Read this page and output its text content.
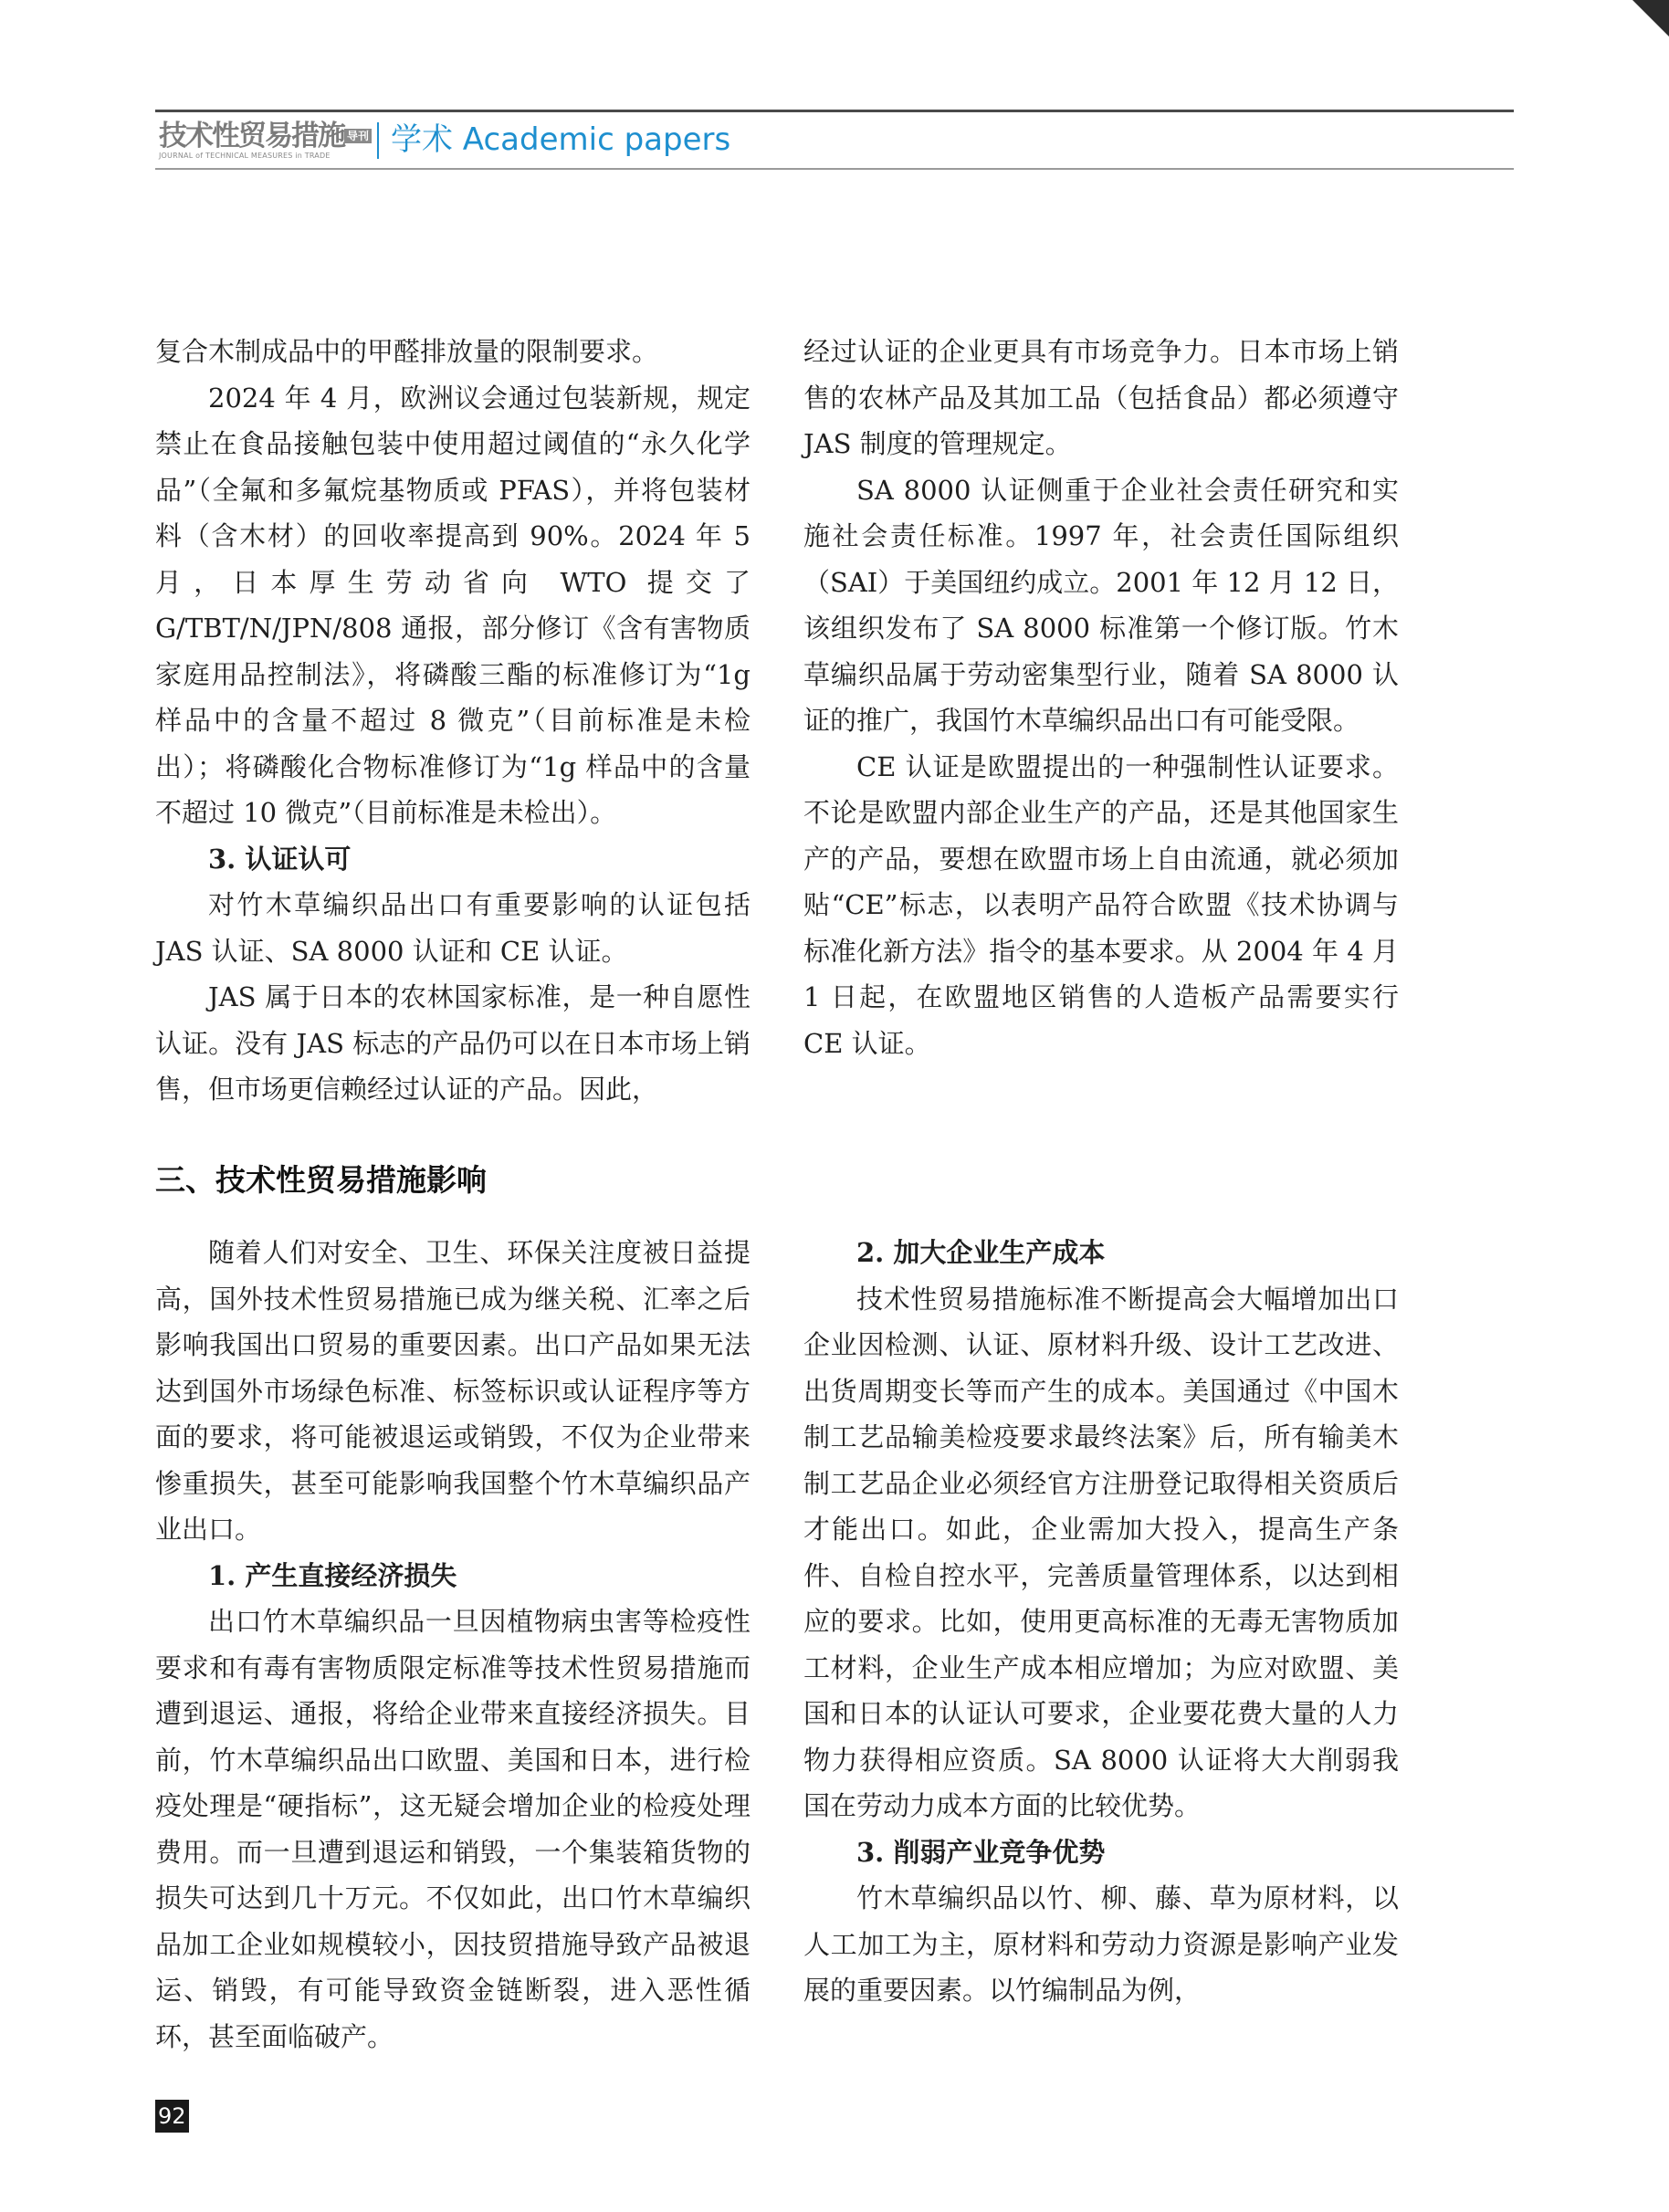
技术性贸易措施 导刊
JOURNAL of TECHNICAL MEASURES in TRADE	学术 Academic papers

复合木制成品中的甲醛排放量的限制要求。

2024 年 4 月，欧洲议会通过包装新规，规定禁止在食品接触包装中使用超过阈值的“永久化学品”（全氟和多氟烷基物质或 PFAS），并将包装材料（含木材）的回收率提高到 90%。2024 年 5 月，日本厚生劳动省向 WTO 提交了 G/TBT/N/JPN/808 通报，部分修订《含有害物质家庭用品控制法》，将磷酸三酯的标准修订为“1g 样品中的含量不超过 8 微克”（目前标准是未检出）；将磷酸化合物标准修订为“1g 样品中的含量不超过 10 微克”（目前标准是未检出）。

3. 认证认可

对竹木草编织品出口有重要影响的认证包括 JAS 认证、SA 8000 认证和 CE 认证。

JAS 属于日本的农林国家标准，是一种自愿性认证。没有 JAS 标志的产品仍可以在日本市场上销售，但市场更信赖经过认证的产品。因此，

经过认证的企业更具有市场竞争力。日本市场上销售的农林产品及其加工品（包括食品）都必须遵守 JAS 制度的管理规定。

SA 8000 认证侧重于企业社会责任研究和实施社会责任标准。1997 年，社会责任国际组织（SAI）于美国纽约成立。2001 年 12 月 12 日，该组织发布了 SA 8000 标准第一个修订版。竹木草编织品属于劳动密集型行业，随着 SA 8000 认证的推广，我国竹木草编织品出口有可能受限。

CE 认证是欧盟提出的一种强制性认证要求。不论是欧盟内部企业生产的产品，还是其他国家生产的产品，要想在欧盟市场上自由流通，就必须加贴“CE”标志，以表明产品符合欧盟《技术协调与标准化新方法》指令的基本要求。从 2004 年 4 月 1 日起，在欧盟地区销售的人造板产品需要实行 CE 认证。

三、技术性贸易措施影响

随着人们对安全、卫生、环保关注度被日益提高，国外技术性贸易措施已成为继关税、汇率之后影响我国出口贸易的重要因素。出口产品如果无法达到国外市场绿色标准、标签标识或认证程序等方面的要求，将可能被退运或销毁，不仅为企业带来惨重损失，甚至可能影响我国整个竹木草编织品产业出口。

1. 产生直接经济损失

出口竹木草编织品一旦因植物病虫害等检疫性要求和有毒有害物质限定标准等技术性贸易措施而遭到退运、通报，将给企业带来直接经济损失。目前，竹木草编织品出口欧盟、美国和日本，进行检疫处理是“硬指标”，这无疑会增加企业的检疫处理费用。而一旦遭到退运和销毁，一个集装箱货物的损失可达到几十万元。不仅如此，出口竹木草编织品加工企业如规模较小，因技贸措施导致产品被退运、销毁，有可能导致资金链断裂，进入恶性循环，甚至面临破产。

2. 加大企业生产成本

技术性贸易措施标准不断提高会大幅增加出口企业因检测、认证、原材料升级、设计工艺改进、出货周期变长等而产生的成本。美国通过《中国木制工艺品输美检疫要求最终法案》后，所有输美木制工艺品企业必须经官方注册登记取得相关资质后才能出口。如此，企业需加大投入，提高生产条件、自检自控水平，完善质量管理体系，以达到相应的要求。比如，使用更高标准的无毒无害物质加工材料，企业生产成本相应增加；为应对欧盟、美国和日本的认证认可要求，企业要花费大量的人力物力获得相应资质。SA 8000 认证将大大削弱我国在劳动力成本方面的比较优势。

3. 削弱产业竞争优势

竹木草编织品以竹、柳、藤、草为原材料，以人工加工为主，原材料和劳动力资源是影响产业发展的重要因素。以竹编制品为例，

92
